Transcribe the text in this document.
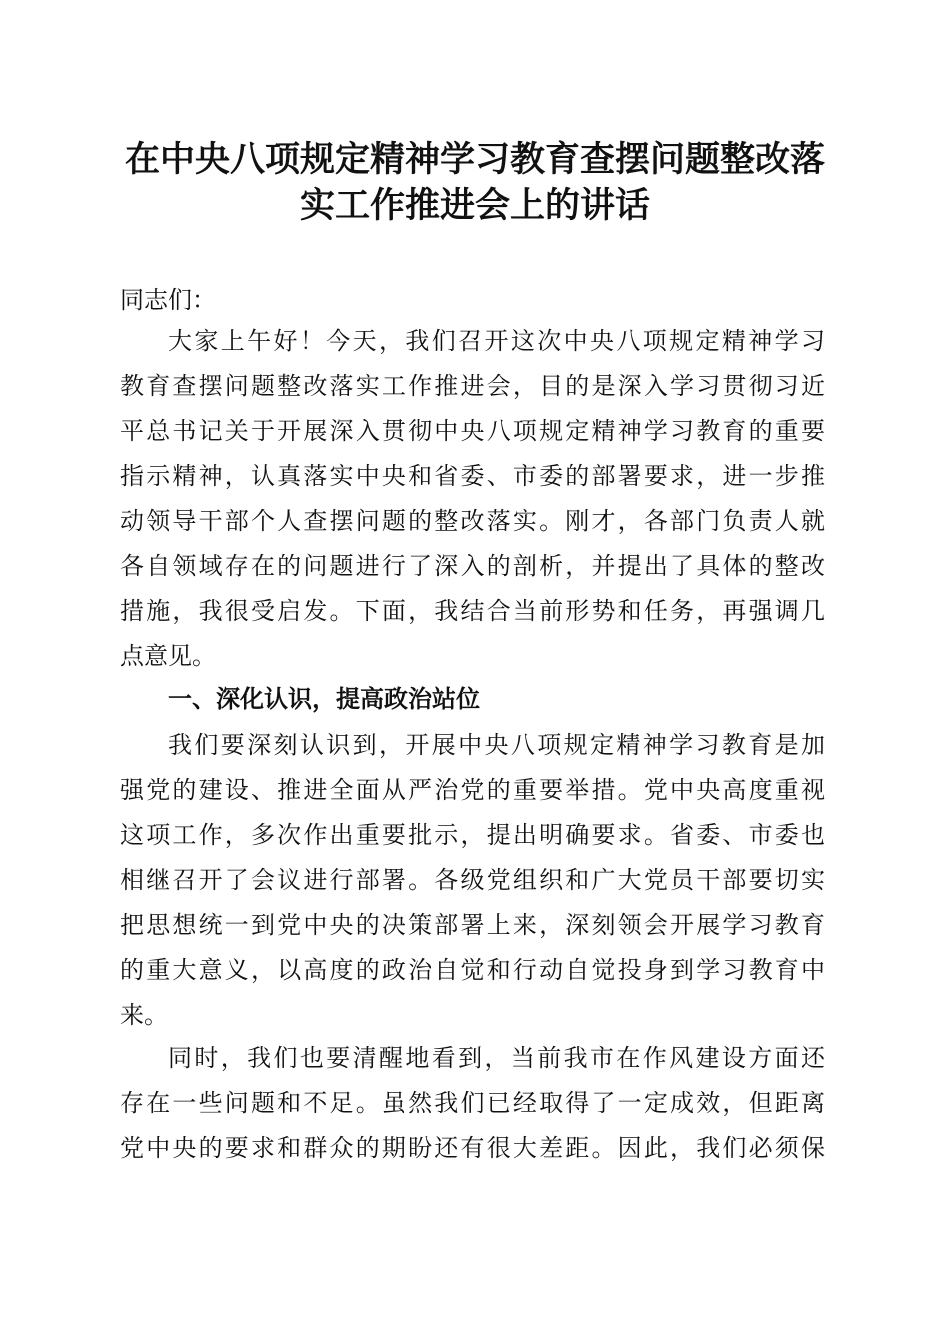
在中央八项规定精神学习教育查摆问题整改落
实工作推进会上的讲话
同志们：
大家上午好！今天，我们召开这次中央八项规定精神学习
教育查摆问题整改落实工作推进会，目的是深入学习贯彻习近
平总书记关于开展深入贯彻中央八项规定精神学习教育的重要
指示精神，认真落实中央和省委、市委的部署要求，进一步推
动领导干部个人查摆问题的整改落实。刚才，各部门负责人就
各自领域存在的问题进行了深入的剖析，并提出了具体的整改
措施，我很受启发。下面，我结合当前形势和任务，再强调几
点意见。
一、深化认识，提高政治站位
我们要深刻认识到，开展中央八项规定精神学习教育是加
强党的建设、推进全面从严治党的重要举措。党中央高度重视
这项工作，多次作出重要批示，提出明确要求。省委、市委也
相继召开了会议进行部署。各级党组织和广大党员干部要切实
把思想统一到党中央的决策部署上来，深刻领会开展学习教育
的重大意义，以高度的政治自觉和行动自觉投身到学习教育中
来。
同时，我们也要清醒地看到，当前我市在作风建设方面还
存在一些问题和不足。虽然我们已经取得了一定成效，但距离
党中央的要求和群众的期盼还有很大差距。因此，我们必须保
